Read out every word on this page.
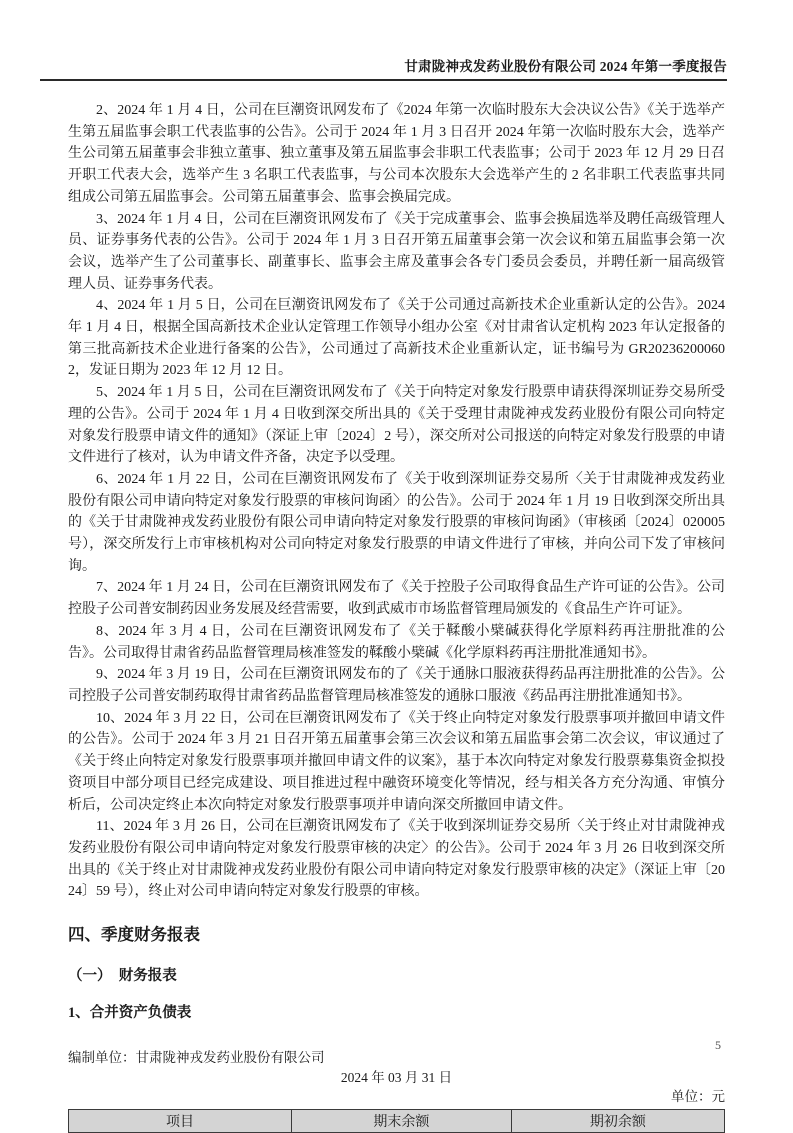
甘肃陇神戎发药业股份有限公司 2024 年第一季度报告

2、2024 年 1 月 4 日，公司在巨潮资讯网发布了《2024 年第一次临时股东大会决议公告》《关于选举产生第五届监事会职工代表监事的公告》。公司于 2024 年 1 月 3 日召开 2024 年第一次临时股东大会，选举产生公司第五届董事会非独立董事、独立董事及第五届监事会非职工代表监事；公司于 2023 年 12 月 29 日召开职工代表大会，选举产生 3 名职工代表监事，与公司本次股东大会选举产生的 2 名非职工代表监事共同组成公司第五届监事会。公司第五届董事会、监事会换届完成。

3、2024 年 1 月 4 日，公司在巨潮资讯网发布了《关于完成董事会、监事会换届选举及聘任高级管理人员、证券事务代表的公告》。公司于 2024 年 1 月 3 日召开第五届董事会第一次会议和第五届监事会第一次会议，选举产生了公司董事长、副董事长、监事会主席及董事会各专门委员会委员，并聘任新一届高级管理人员、证券事务代表。

4、2024 年 1 月 5 日，公司在巨潮资讯网发布了《关于公司通过高新技术企业重新认定的公告》。2024 年 1 月 4 日，根据全国高新技术企业认定管理工作领导小组办公室《对甘肃省认定机构 2023 年认定报备的第三批高新技术企业进行备案的公告》，公司通过了高新技术企业重新认定，证书编号为 GR202362000602，发证日期为 2023 年 12 月 12 日。

5、2024 年 1 月 5 日，公司在巨潮资讯网发布了《关于向特定对象发行股票申请获得深圳证券交易所受理的公告》。公司于 2024 年 1 月 4 日收到深交所出具的《关于受理甘肃陇神戎发药业股份有限公司向特定对象发行股票申请文件的通知》（深证上审〔2024〕2 号），深交所对公司报送的向特定对象发行股票的申请文件进行了核对，认为申请文件齐备，决定予以受理。

6、2024 年 1 月 22 日，公司在巨潮资讯网发布了《关于收到深圳证券交易所〈关于甘肃陇神戎发药业股份有限公司申请向特定对象发行股票的审核问询函〉的公告》。公司于 2024 年 1 月 19 日收到深交所出具的《关于甘肃陇神戎发药业股份有限公司申请向特定对象发行股票的审核问询函》（审核函〔2024〕020005 号），深交所发行上市审核机构对公司向特定对象发行股票的申请文件进行了审核，并向公司下发了审核问询。

7、2024 年 1 月 24 日，公司在巨潮资讯网发布了《关于控股子公司取得食品生产许可证的公告》。公司控股子公司普安制药因业务发展及经营需要，收到武威市市场监督管理局颁发的《食品生产许可证》。

8、2024 年 3 月 4 日，公司在巨潮资讯网发布了《关于鞣酸小檗碱获得化学原料药再注册批准的公告》。公司取得甘肃省药品监督管理局核准签发的鞣酸小檗碱《化学原料药再注册批准通知书》。

9、2024 年 3 月 19 日，公司在巨潮资讯网发布的了《关于通脉口服液获得药品再注册批准的公告》。公司控股子公司普安制药取得甘肃省药品监督管理局核准签发的通脉口服液《药品再注册批准通知书》。

10、2024 年 3 月 22 日，公司在巨潮资讯网发布了《关于终止向特定对象发行股票事项并撤回申请文件的公告》。公司于 2024 年 3 月 21 日召开第五届董事会第三次会议和第五届监事会第二次会议，审议通过了《关于终止向特定对象发行股票事项并撤回申请文件的议案》，基于本次向特定对象发行股票募集资金拟投资项目中部分项目已经完成建设、项目推进过程中融资环境变化等情况，经与相关各方充分沟通、审慎分析后，公司决定终止本次向特定对象发行股票事项并申请向深交所撤回申请文件。

11、2024 年 3 月 26 日，公司在巨潮资讯网发布了《关于收到深圳证券交易所〈关于终止对甘肃陇神戎发药业股份有限公司申请向特定对象发行股票审核的决定〉的公告》。公司于 2024 年 3 月 26 日收到深交所出具的《关于终止对甘肃陇神戎发药业股份有限公司申请向特定对象发行股票审核的决定》（深证上审〔2024〕59 号），终止对公司申请向特定对象发行股票的审核。

四、季度财务报表
（一）　财务报表
1、合并资产负债表

编制单位：甘肃陇神戎发药业股份有限公司

2024 年 03 月 31 日

单位：元

项目	期末余额	期初余额
5
